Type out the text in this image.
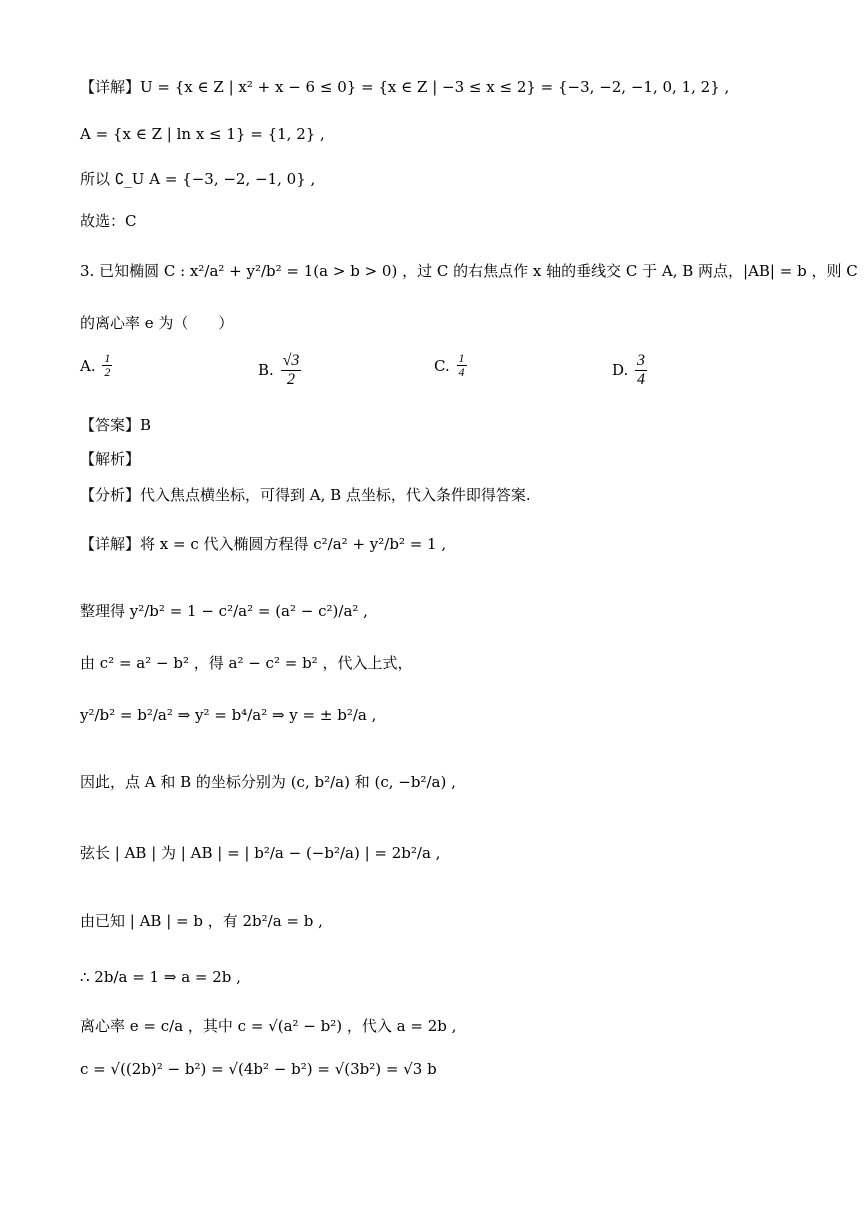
【详解】U = {x ∈ Z | x² + x − 6 ≤ 0} = {x ∈ Z | −3 ≤ x ≤ 2} = {−3, −2, −1, 0, 1, 2} ,
A = {x ∈ Z | ln x ≤ 1} = {1, 2} ,
所以 ∁_U A = {−3, −2, −1, 0} ,
故选：C
3. 已知椭圆 C : x²/a² + y²/b² = 1(a > b > 0) ，过 C 的右焦点作 x 轴的垂线交 C 于 A, B 两点，|AB| = b ，则 C
的离心率 e 为（　　）
A.
$\frac{1}{2}$	B.
$\frac{√3}{2}$	C.
$\frac{1}{4}$	D.
$\frac{3}{4}$
【答案】B
【解析】
【分析】代入焦点横坐标，可得到 A, B 点坐标，代入条件即得答案.
【详解】将 x = c 代入椭圆方程得 c²/a² + y²/b² = 1 ,
整理得 y²/b² = 1 − c²/a² = (a² − c²)/a² ,
由 c² = a² − b² ，得 a² − c² = b² ，代入上式，
y²/b² = b²/a² ⇒ y² = b⁴/a² ⇒ y = ± b²/a ,
因此，点 A 和 B 的坐标分别为 (c, b²/a) 和 (c, −b²/a) ,
弦长 | AB | 为 | AB | = | b²/a − (−b²/a) | = 2b²/a ,
由已知 | AB | = b ，有 2b²/a = b ,
∴ 2b/a = 1 ⇒ a = 2b ,
离心率 e = c/a ，其中 c = √(a² − b²) ，代入 a = 2b ,
c = √((2b)² − b²) = √(4b² − b²) = √(3b²) = √3 b
